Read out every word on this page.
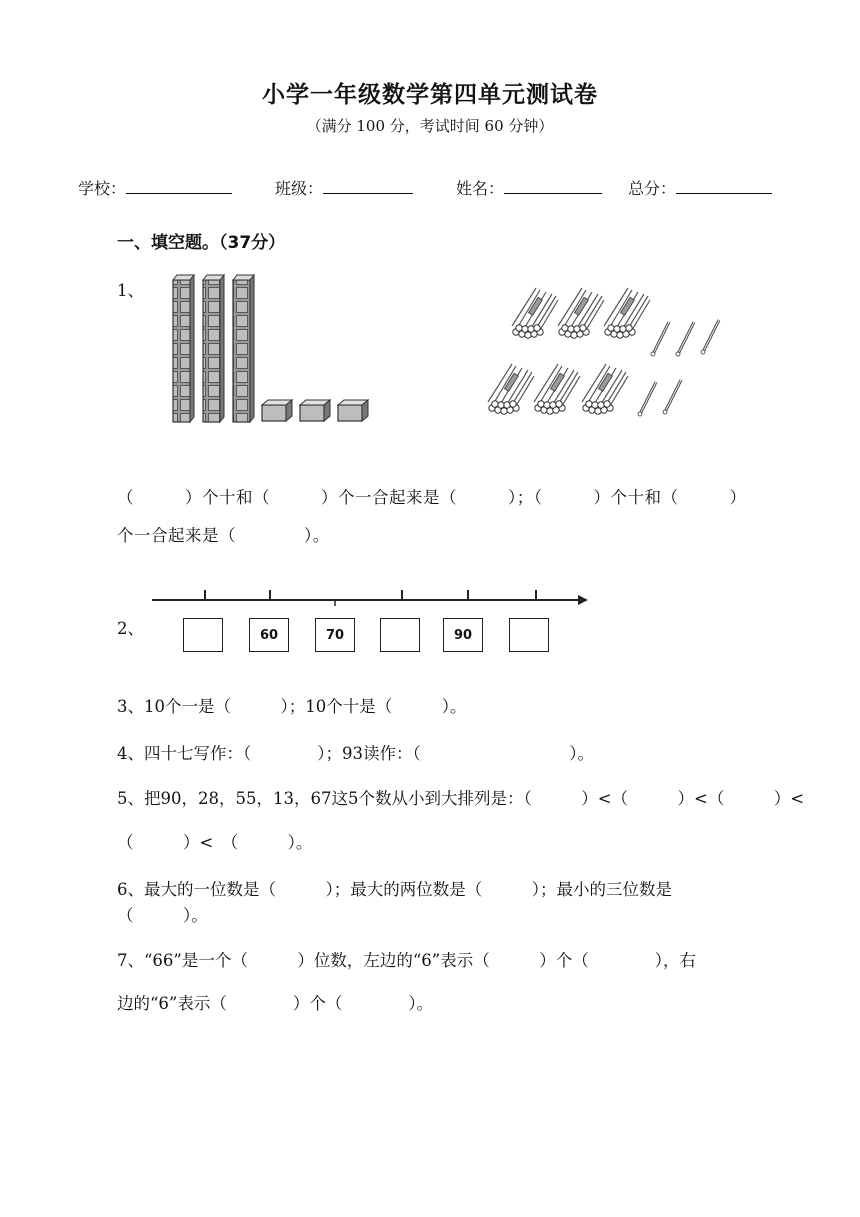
小学一年级数学第四单元测试卷
（满分 100 分，考试时间 60 分钟）
学校：	班级：	姓名：	总分：
一、填空题。（37分）
1、
（　　　）个十和（　　　）个一合起来是（　　　）；（　　　）个十和（　　　）
个一合起来是（　　　　）。
2、	60	70	90
3、10个一是（　　　）；10个十是（　　　）。
4、四十七写作：（　　　　）；93读作：（　　　　　　　　　）。
5、把90，28，55，13，67这5个数从小到大排列是：（　　　）<（　　　）<（　　　）<
（　　　）<　（　　　）。
6、最大的一位数是（　　　）；最大的两位数是（　　　）；最小的三位数是
（　　　）。
7、“66”是一个（　　　）位数，左边的“6”表示（　　　）个（　　　　），右
边的“6”表示（　　　　）个（　　　　）。
